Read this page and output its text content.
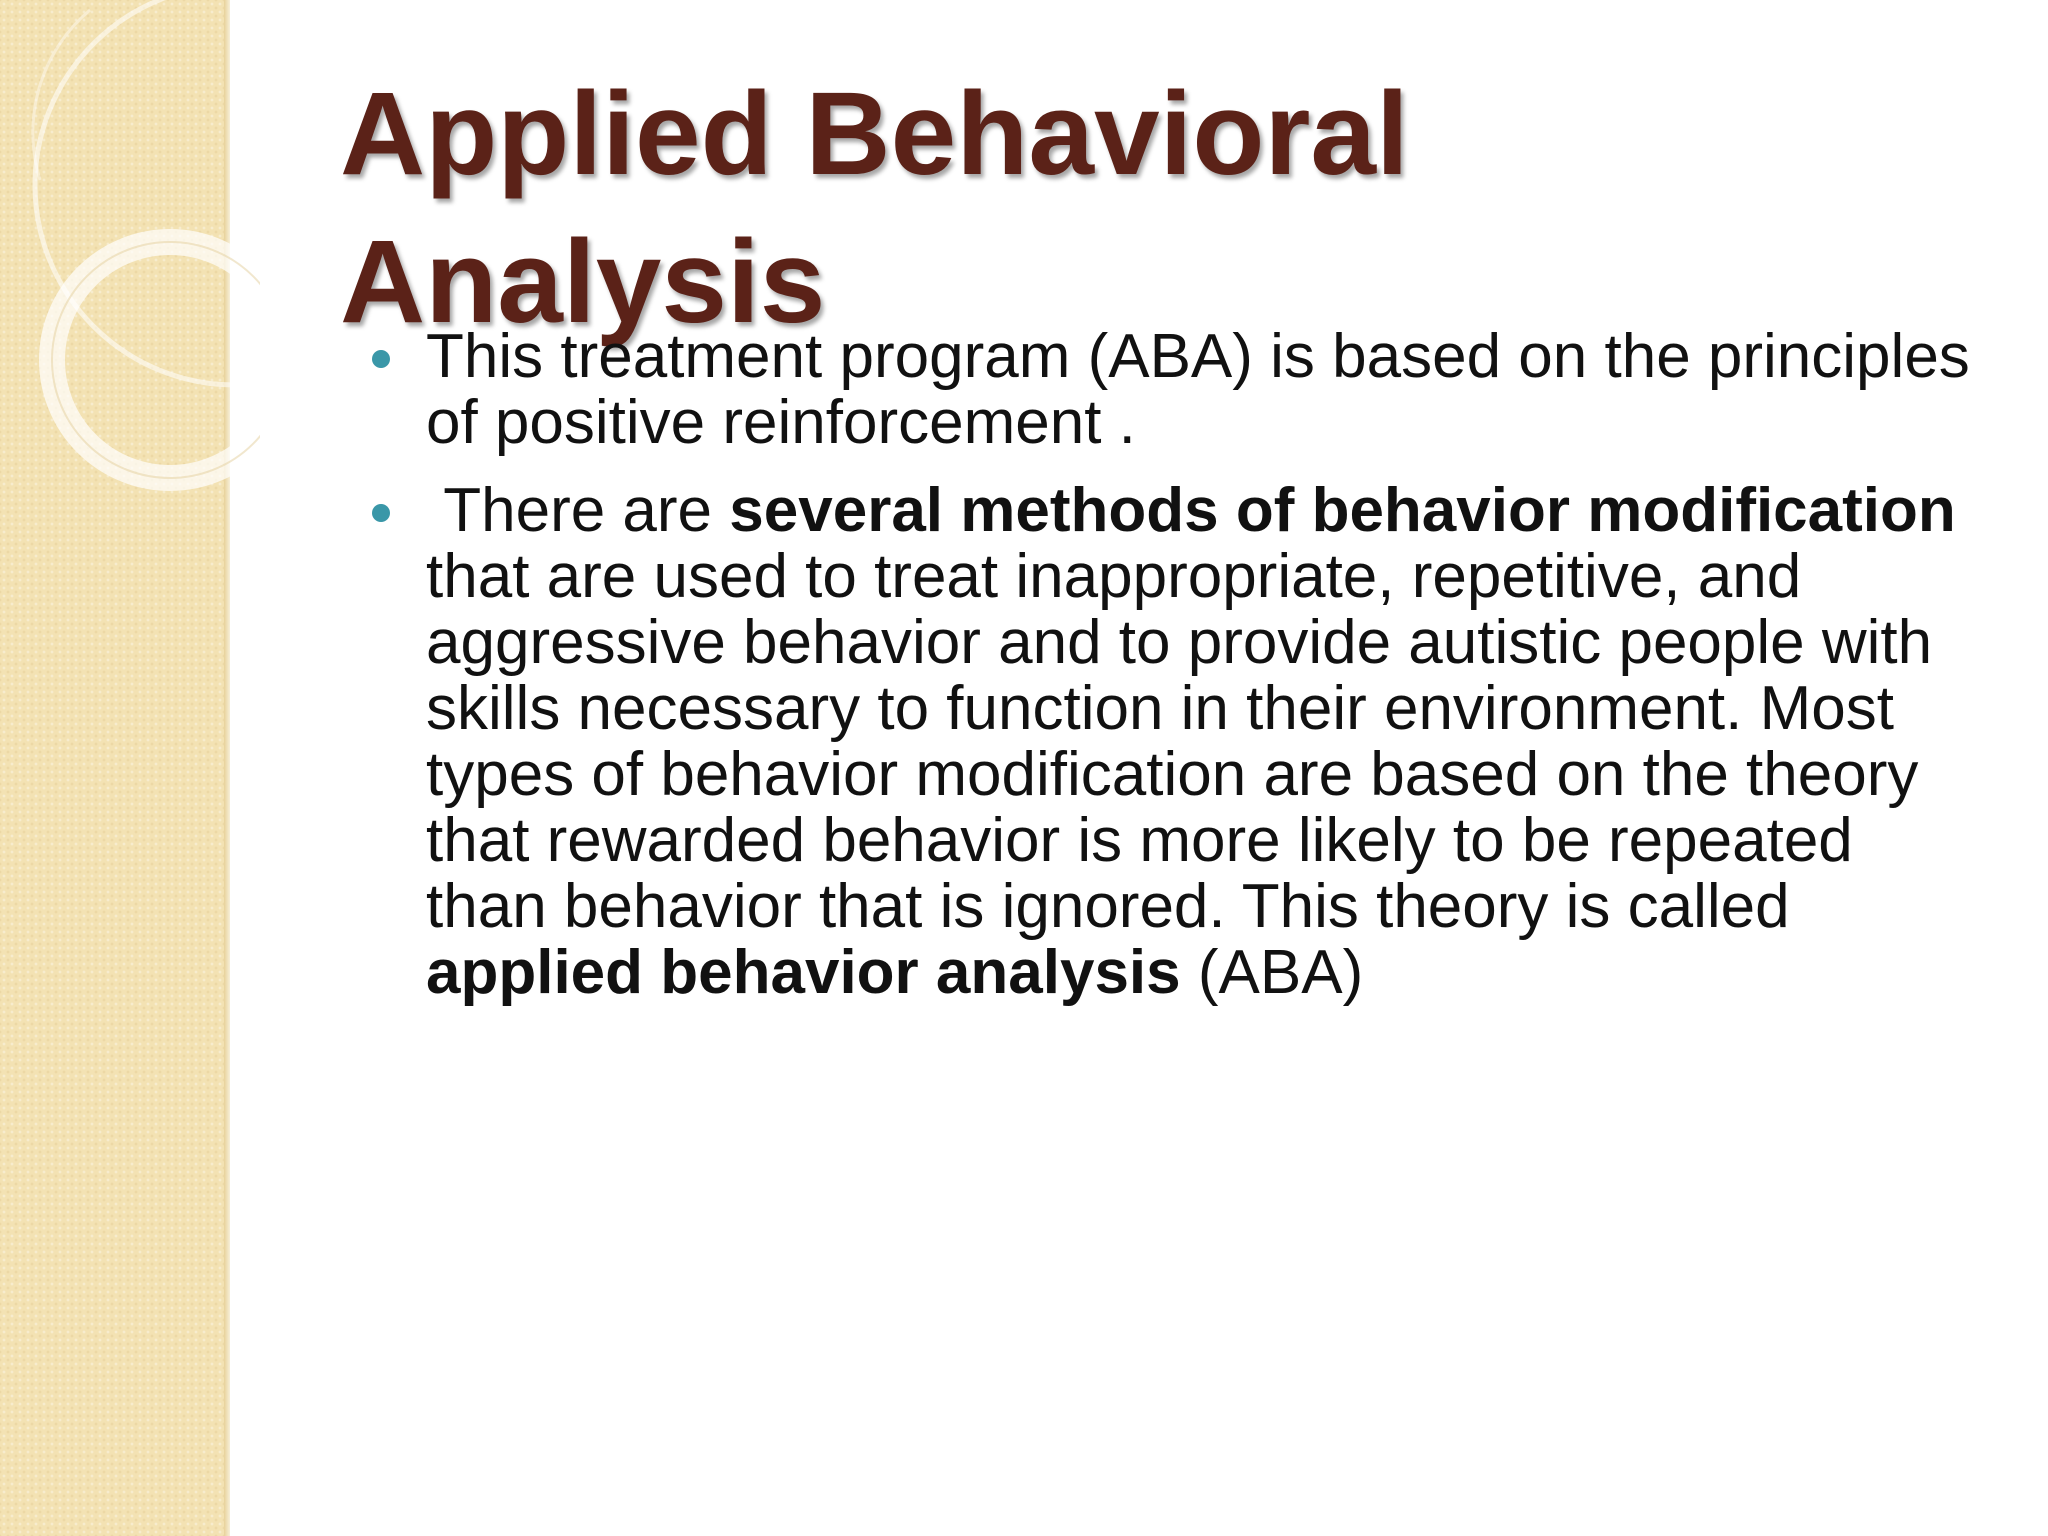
Applied Behavioral
Analysis
This treatment program (ABA) is based on the principles of positive reinforcement .
There are several methods of behavior modification that are used to treat inappropriate, repetitive, and aggressive behavior and to provide autistic people with skills necessary to function in their environment. Most types of behavior modification are based on the theory that rewarded behavior is more likely to be repeated than behavior that is ignored. This theory is called applied behavior analysis (ABA)
